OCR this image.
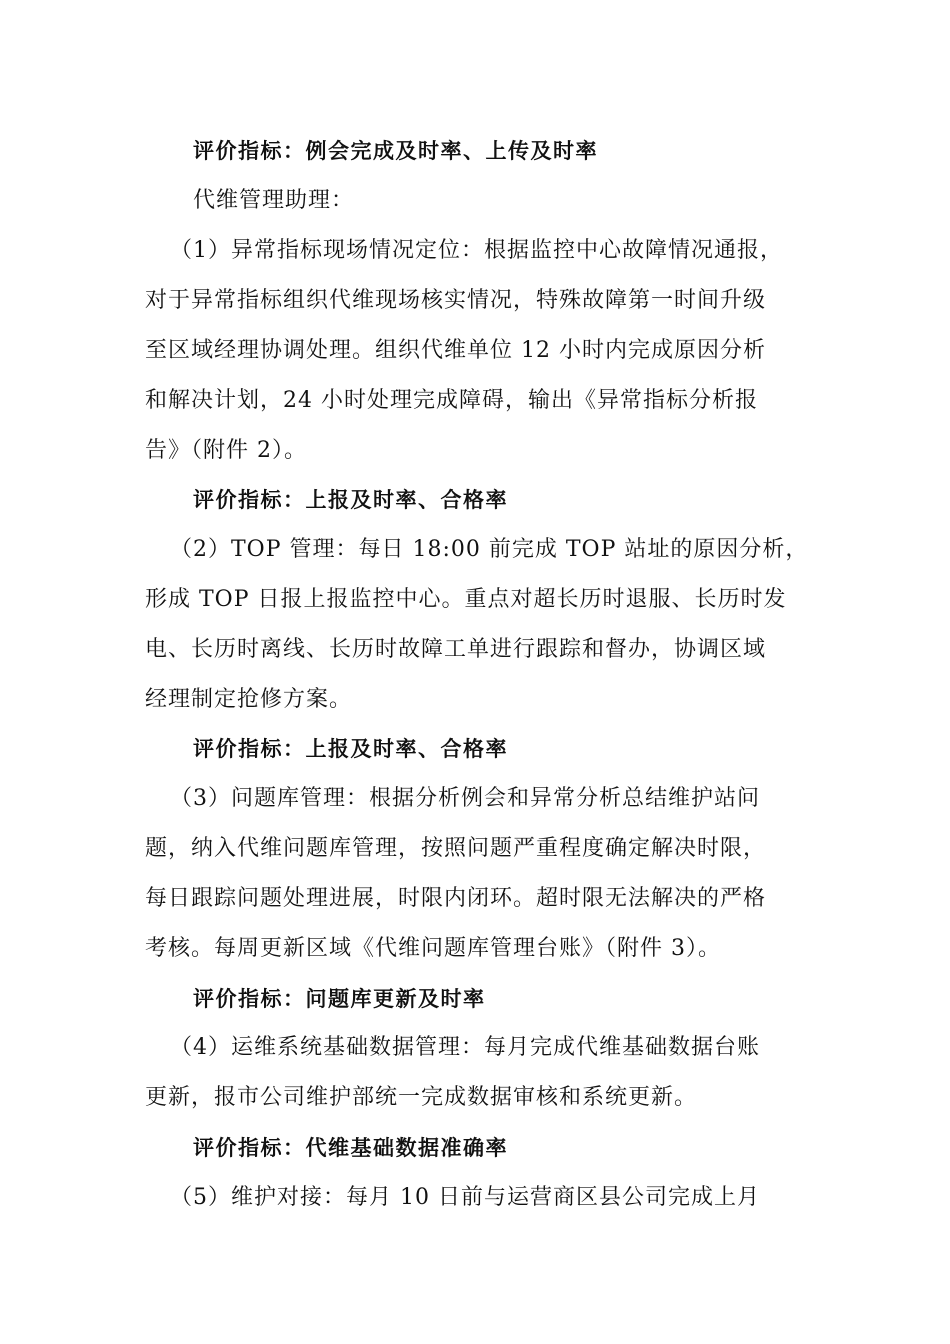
评价指标：例会完成及时率、上传及时率
代维管理助理：
（1）异常指标现场情况定位：根据监控中心故障情况通报，
对于异常指标组织代维现场核实情况，特殊故障第一时间升级
至区域经理协调处理。组织代维单位 12 小时内完成原因分析
和解决计划，24 小时处理完成障碍，输出《异常指标分析报
告》（附件 2）。
评价指标：上报及时率、合格率
（2）TOP 管理：每日 18:00 前完成 TOP 站址的原因分析，
形成 TOP 日报上报监控中心。重点对超长历时退服、长历时发
电、长历时离线、长历时故障工单进行跟踪和督办，协调区域
经理制定抢修方案。
评价指标：上报及时率、合格率
（3）问题库管理：根据分析例会和异常分析总结维护站问
题，纳入代维问题库管理，按照问题严重程度确定解决时限，
每日跟踪问题处理进展，时限内闭环。超时限无法解决的严格
考核。每周更新区域《代维问题库管理台账》（附件 3）。
评价指标：问题库更新及时率
（4）运维系统基础数据管理：每月完成代维基础数据台账
更新，报市公司维护部统一完成数据审核和系统更新。
评价指标：代维基础数据准确率
（5）维护对接：每月 10 日前与运营商区县公司完成上月
